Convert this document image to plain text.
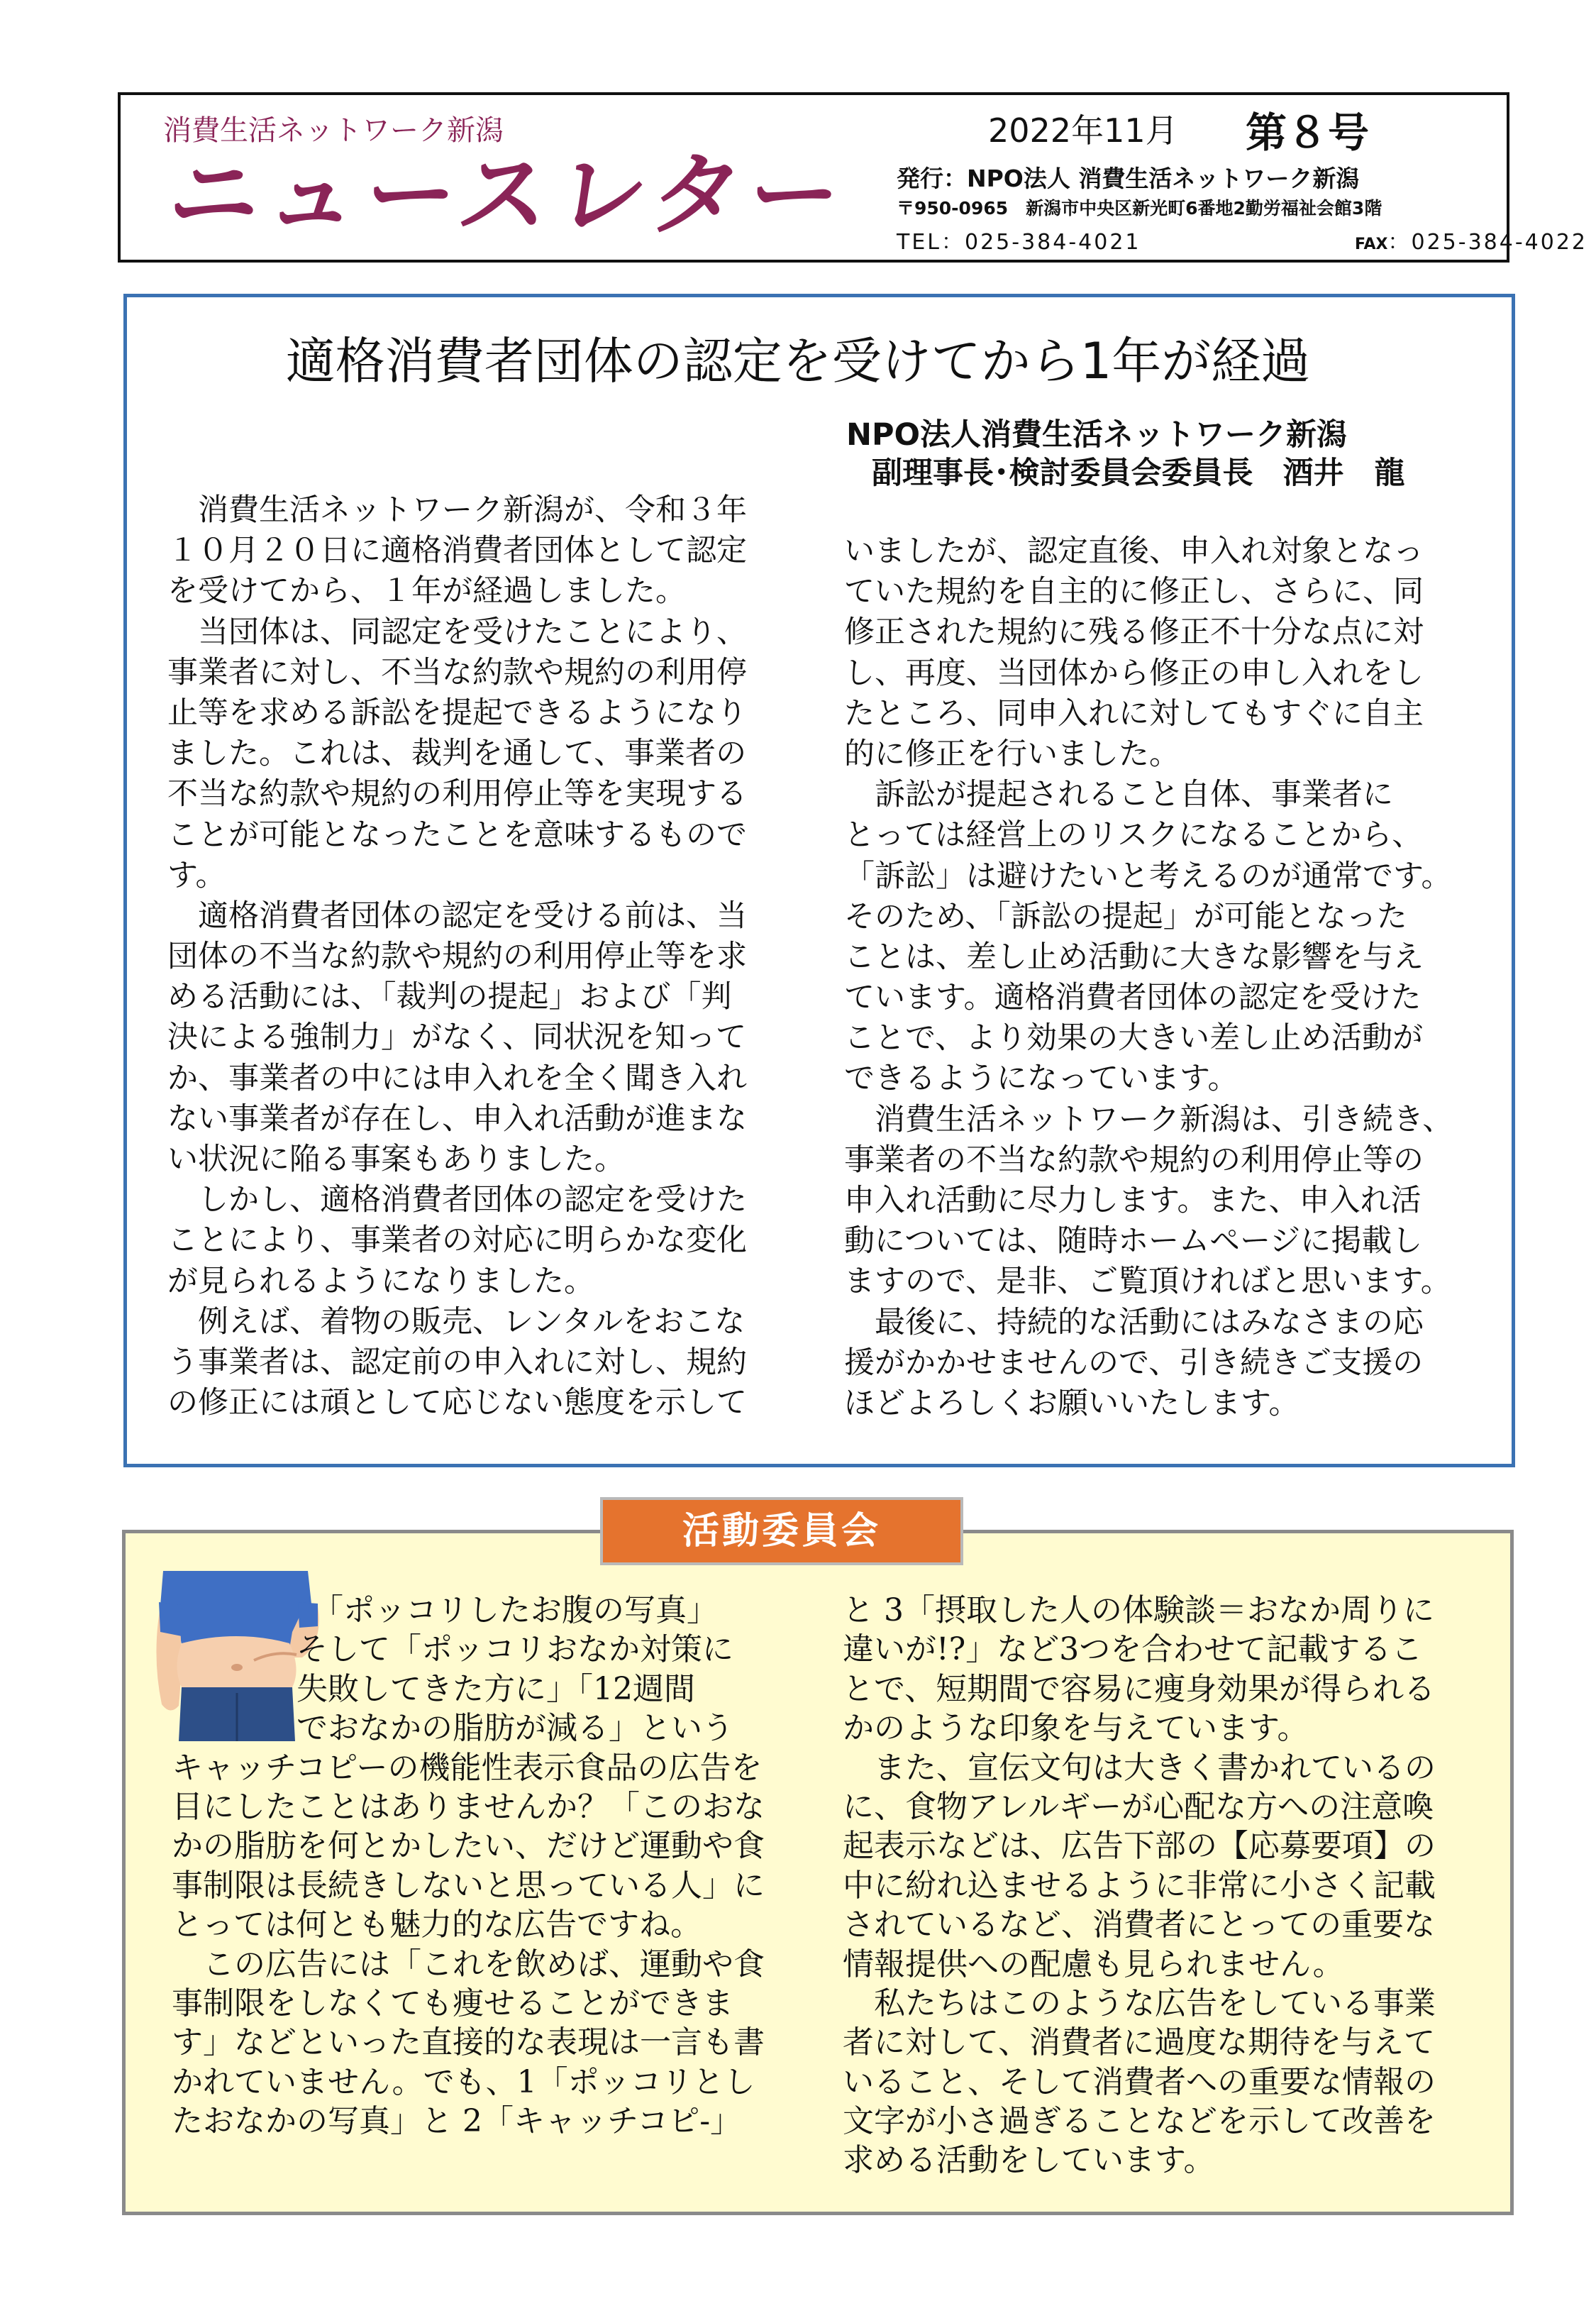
消費生活ネットワーク新潟
ニュースレター
2022年11月 第８号
発行：NPO法人 消費生活ネットワーク新潟
〒950-0965　新潟市中央区新光町6番地2勤労福祉会館3階
TEL：025-384-4021	FAX：025-384-4022
適格消費者団体の認定を受けてから1年が経過
NPO法人消費生活ネットワーク新潟
副理事長･検討委員会委員長 酒井　龍
　消費生活ネットワーク新潟が、令和３年
１０月２０日に適格消費者団体として認定
を受けてから、１年が経過しました。
　当団体は、同認定を受けたことにより、
事業者に対し、不当な約款や規約の利用停
止等を求める訴訟を提起できるようになり
ました。これは、裁判を通して、事業者の
不当な約款や規約の利用停止等を実現する
ことが可能となったことを意味するもので
す。
　適格消費者団体の認定を受ける前は、当
団体の不当な約款や規約の利用停止等を求
める活動には、「裁判の提起」および「判
決による強制力」がなく、同状況を知って
か、事業者の中には申入れを全く聞き入れ
ない事業者が存在し、申入れ活動が進まな
い状況に陥る事案もありました。
　しかし、適格消費者団体の認定を受けた
ことにより、事業者の対応に明らかな変化
が見られるようになりました。
　例えば、着物の販売、レンタルをおこな
う事業者は、認定前の申入れに対し、規約
の修正には頑として応じない態度を示して
いましたが、認定直後、申入れ対象となっ
ていた規約を自主的に修正し、さらに、同
修正された規約に残る修正不十分な点に対
し、再度、当団体から修正の申し入れをし
たところ、同申入れに対してもすぐに自主
的に修正を行いました。
　訴訟が提起されること自体、事業者に
とっては経営上のリスクになることから、
「訴訟」は避けたいと考えるのが通常です。
そのため、「訴訟の提起」が可能となった
ことは、差し止め活動に大きな影響を与え
ています。適格消費者団体の認定を受けた
ことで、より効果の大きい差し止め活動が
できるようになっています。
　消費生活ネットワーク新潟は、引き続き、
事業者の不当な約款や規約の利用停止等の
申入れ活動に尽力します。また、申入れ活
動については、随時ホームページに掲載し
ますので、是非、ご覧頂ければと思います。
　最後に、持続的な活動にはみなさまの応
援がかかせませんので、引き続きご支援の
ほどよろしくお願いいたします。
活動委員会
　　　　　「ポッコリしたお腹の写真」
　　　　そして「ポッコリおなか対策に
　　　　失敗してきた方に」「12週間
　　　　でおなかの脂肪が減る」という
キャッチコピーの機能性表示食品の広告を
目にしたことはありませんか？「このおな
かの脂肪を何とかしたい、だけど運動や食
事制限は長続きしないと思っている人」に
とっては何とも魅力的な広告ですね。
　この広告には「これを飲めば、運動や食
事制限をしなくても痩せることができま
す」などといった直接的な表現は一言も書
かれていません。でも、1「ポッコリとし
たおなかの写真」と 2「キャッチコピ-」
と 3「摂取した人の体験談＝おなか周りに
違いが!?」など3つを合わせて記載するこ
とで、短期間で容易に痩身効果が得られる
かのような印象を与えています。
　また、宣伝文句は大きく書かれているの
に、食物アレルギーが心配な方への注意喚
起表示などは、広告下部の【応募要項】の
中に紛れ込ませるように非常に小さく記載
されているなど、消費者にとっての重要な
情報提供への配慮も見られません。
　私たちはこのような広告をしている事業
者に対して、消費者に過度な期待を与えて
いること、そして消費者への重要な情報の
文字が小さ過ぎることなどを示して改善を
求める活動をしています。
